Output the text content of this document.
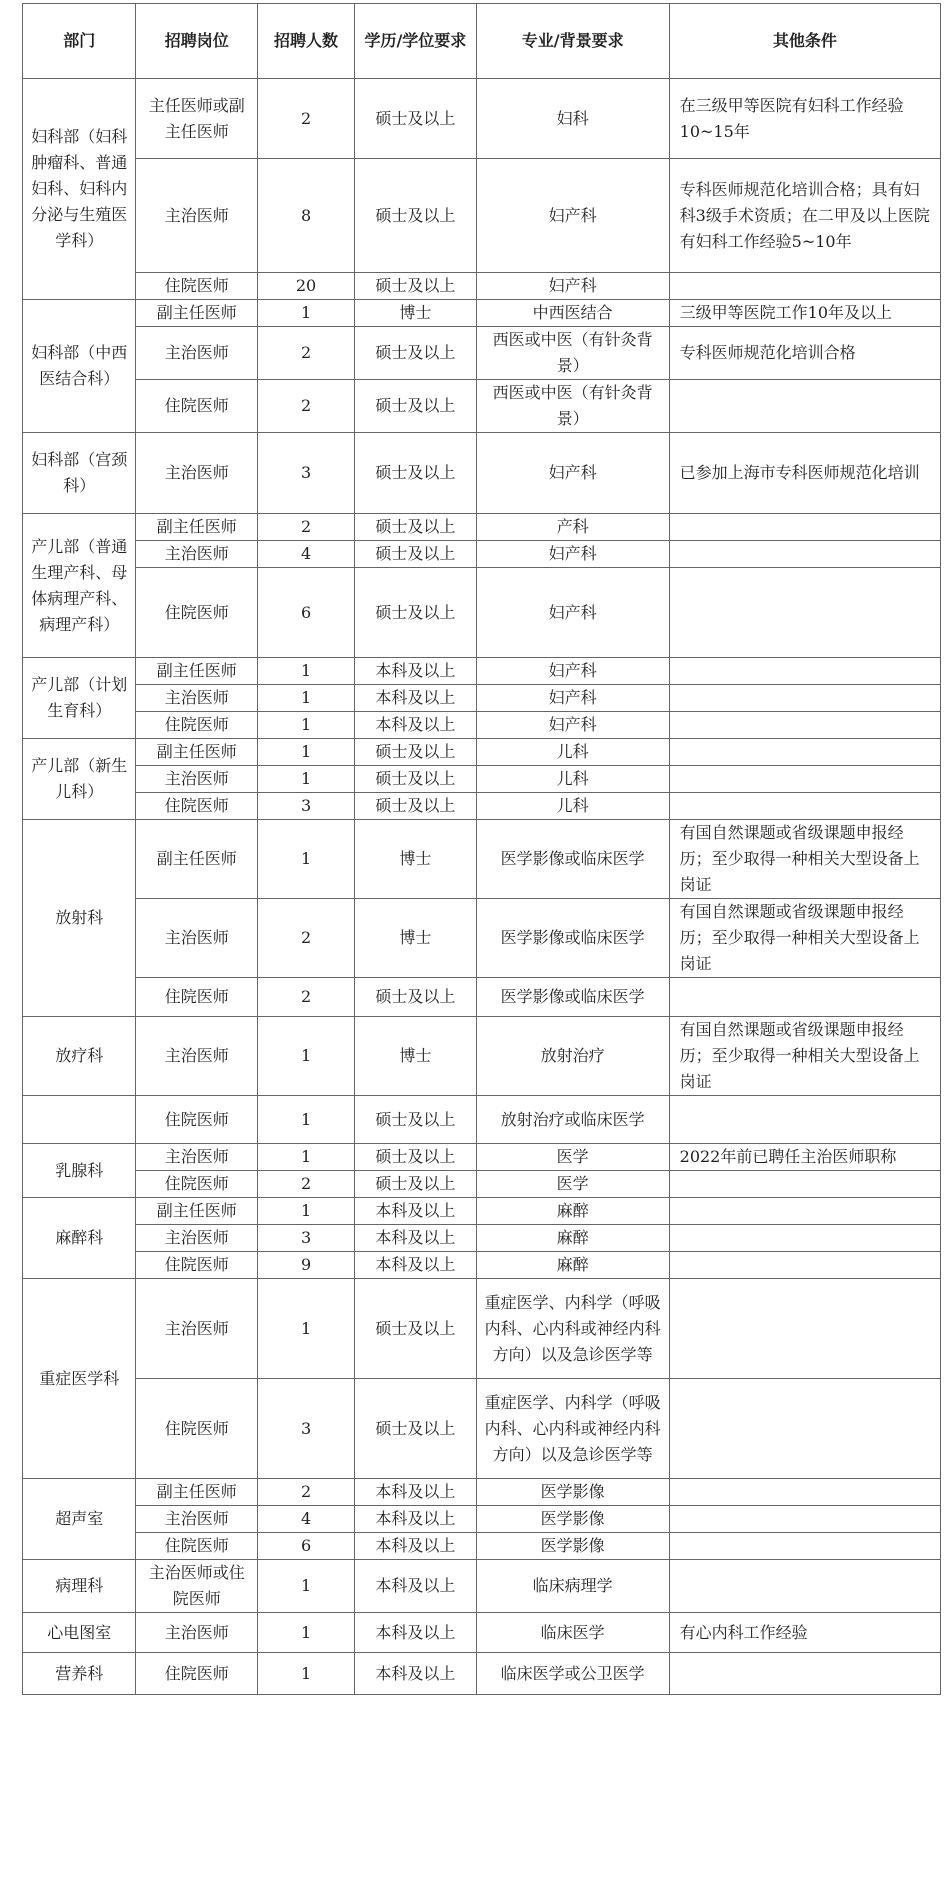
部门	招聘岗位	招聘人数	学历/学位要求	专业/背景要求	其他条件
妇科部（妇科肿瘤科、普通妇科、妇科内分泌与生殖医学科）	主任医师或副主任医师	2	硕士及以上	妇科	在三级甲等医院有妇科工作经验10~15年
	主治医师	8	硕士及以上	妇产科	专科医师规范化培训合格；具有妇科3级手术资质；在二甲及以上医院有妇科工作经验5~10年
	住院医师	20	硕士及以上	妇产科	
妇科部（中西医结合科）	副主任医师	1	博士	中西医结合	三级甲等医院工作10年及以上
	主治医师	2	硕士及以上	西医或中医（有针灸背景）	专科医师规范化培训合格
	住院医师	2	硕士及以上	西医或中医（有针灸背景）	
妇科部（宫颈科）	主治医师	3	硕士及以上	妇产科	已参加上海市专科医师规范化培训
产儿部（普通生理产科、母体病理产科、病理产科）	副主任医师	2	硕士及以上	产科	
	主治医师	4	硕士及以上	妇产科	
	住院医师	6	硕士及以上	妇产科	
产儿部（计划生育科）	副主任医师	1	本科及以上	妇产科	
	主治医师	1	本科及以上	妇产科	
	住院医师	1	本科及以上	妇产科	
产儿部（新生儿科）	副主任医师	1	硕士及以上	儿科	
	主治医师	1	硕士及以上	儿科	
	住院医师	3	硕士及以上	儿科	
放射科	副主任医师	1	博士	医学影像或临床医学	有国自然课题或省级课题申报经历；至少取得一种相关大型设备上岗证
	主治医师	2	博士	医学影像或临床医学	有国自然课题或省级课题申报经历；至少取得一种相关大型设备上岗证
	住院医师	2	硕士及以上	医学影像或临床医学	
放疗科	主治医师	1	博士	放射治疗	有国自然课题或省级课题申报经历；至少取得一种相关大型设备上岗证
	住院医师	1	硕士及以上	放射治疗或临床医学	
乳腺科	主治医师	1	硕士及以上	医学	2022年前已聘任主治医师职称
	住院医师	2	硕士及以上	医学	
麻醉科	副主任医师	1	本科及以上	麻醉	
	主治医师	3	本科及以上	麻醉	
	住院医师	9	本科及以上	麻醉	
重症医学科	主治医师	1	硕士及以上	重症医学、内科学（呼吸内科、心内科或神经内科方向）以及急诊医学等	
	住院医师	3	硕士及以上	重症医学、内科学（呼吸内科、心内科或神经内科方向）以及急诊医学等	
超声室	副主任医师	2	本科及以上	医学影像	
	主治医师	4	本科及以上	医学影像	
	住院医师	6	本科及以上	医学影像	
病理科	主治医师或住院医师	1	本科及以上	临床病理学	
心电图室	主治医师	1	本科及以上	临床医学	有心内科工作经验
营养科	住院医师	1	本科及以上	临床医学或公卫医学	
